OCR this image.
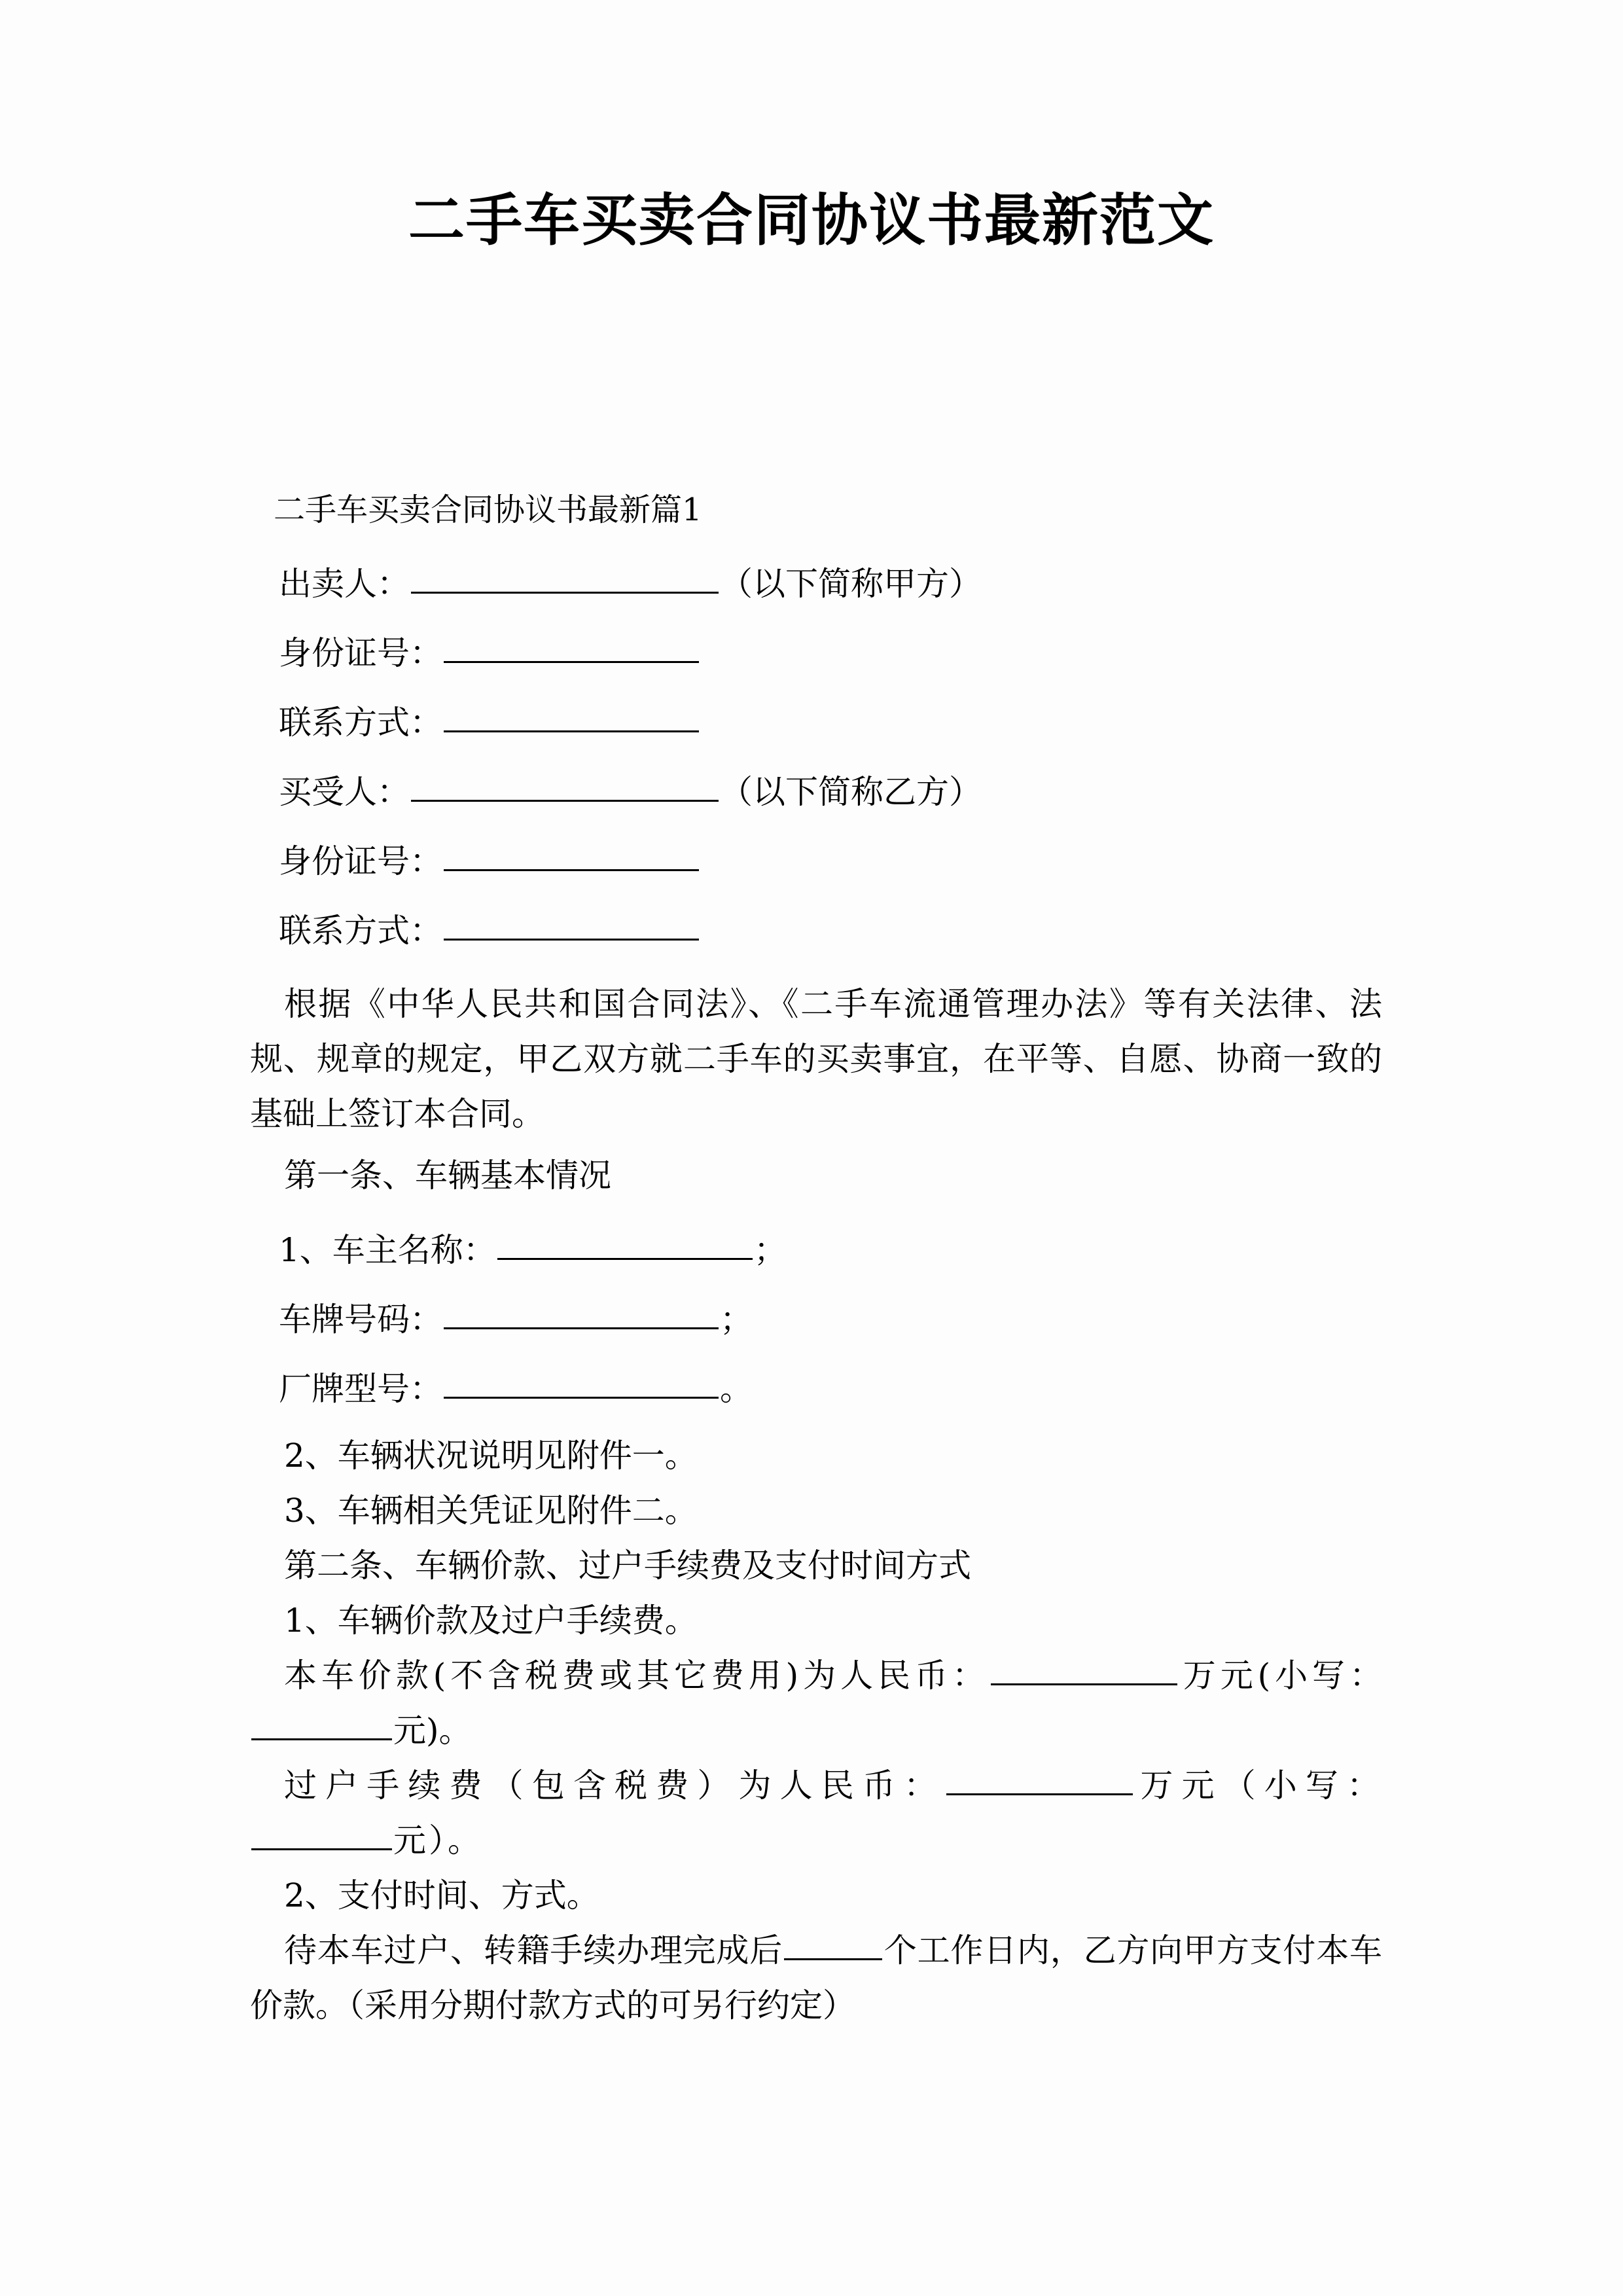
二手车买卖合同协议书最新范文

二手车买卖合同协议书最新篇1

出卖人：	（以下简称甲方）
身份证号：
联系方式：
买受人：	（以下简称乙方）
身份证号：
联系方式：

根据《中华人民共和国合同法》、《二手车流通管理办法》等有关法律、法规、规章的规定，甲乙双方就二手车的买卖事宜，在平等、自愿、协商一致的基础上签订本合同。

第一条、车辆基本情况

1、车主名称：	；
车牌号码：	；
厂牌型号：	。

2、车辆状况说明见附件一。

3、车辆相关凭证见附件二。

第二条、车辆价款、过户手续费及支付时间方式

1、车辆价款及过户手续费。

本车价款(不含税费或其它费用)为人民币：	万元(小写：元)。

过户手续费（包含税费）为人民币：	万元（小写：元）。

2、支付时间、方式。

待本车过户、转籍手续办理完成后	个工作日内，乙方向甲方支付本车价款。（采用分期付款方式的可另行约定）
